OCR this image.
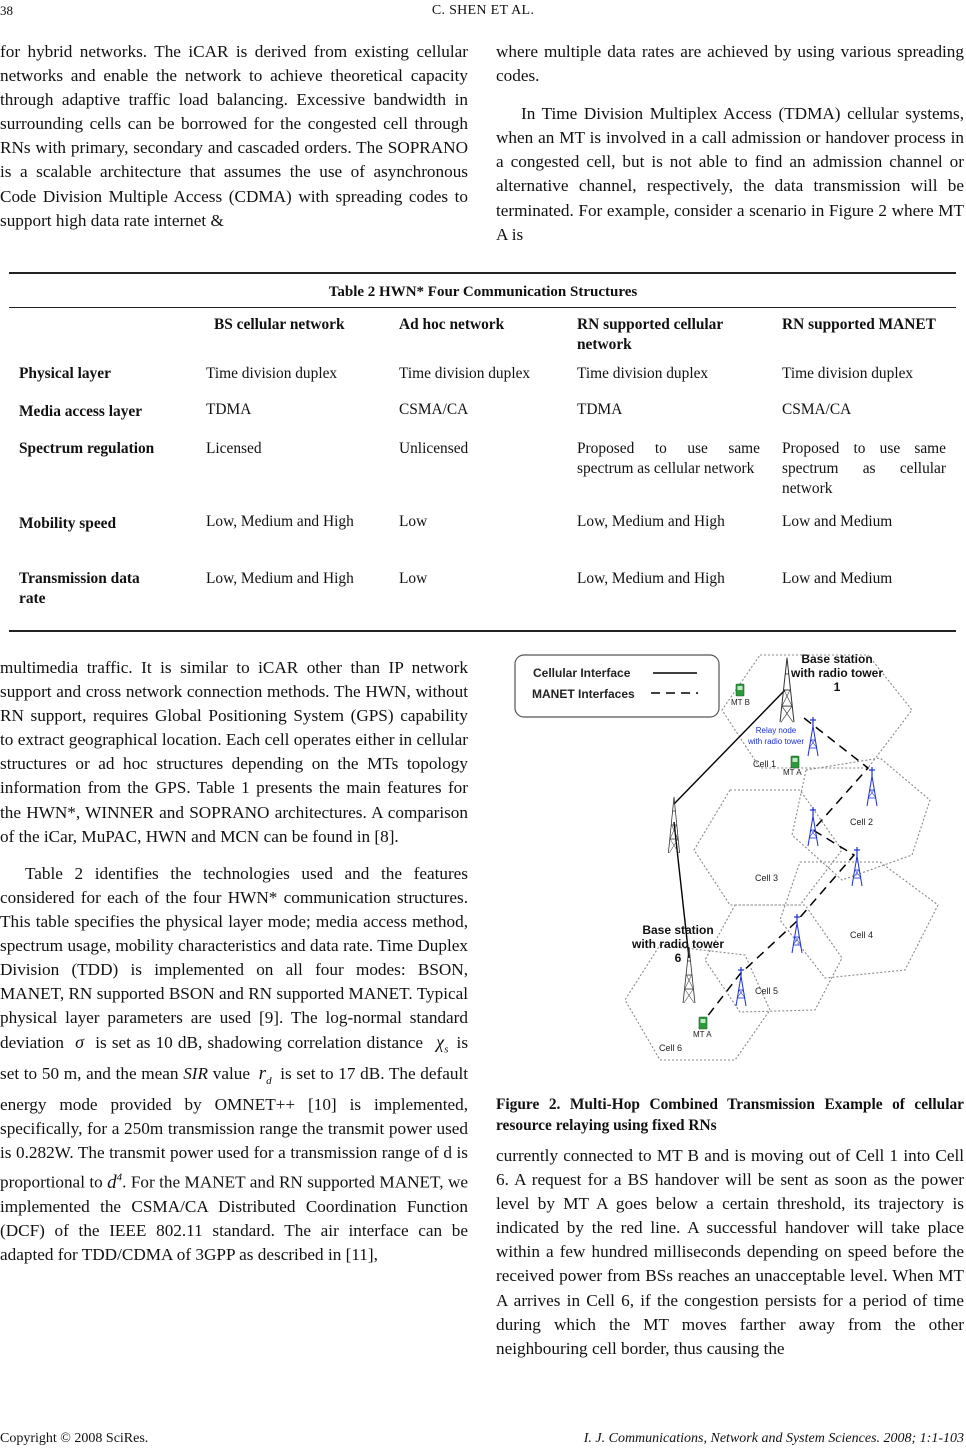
38	C. SHEN ET AL.

for hybrid networks. The iCAR is derived from existing cellular networks and enable the network to achieve theoretical capacity through adaptive traffic load balancing. Excessive bandwidth in surrounding cells can be borrowed for the congested cell through RNs with primary, secondary and cascaded orders. The SOPRANO is a scalable architecture that assumes the use of asynchronous Code Division Multiple Access (CDMA) with spreading codes to support high data rate internet &

where multiple data rates are achieved by using various spreading codes.

In Time Division Multiplex Access (TDMA) cellular systems, when an MT is involved in a call admission or handover process in a congested cell, but is not able to find an admission channel or alternative channel, respectively, the data transmission will be terminated. For example, consider a scenario in Figure 2 where MT A is

Table 2 HWN* Four Communication Structures
	BS cellular network	Ad hoc network	RN supported cellular network	RN supported MANET
Physical layer	Time division duplex	Time division duplex	Time division duplex	Time division duplex
Media access layer	TDMA	CSMA/CA	TDMA	CSMA/CA
Spectrum regulation	Licensed	Unlicensed	Proposed to use same spectrum as cellular network	Proposed to use same spectrum as cellular network
Mobility speed	Low, Medium and High	Low	Low, Medium and High	Low and Medium
Transmission data rate	Low, Medium and High	Low	Low, Medium and High	Low and Medium

multimedia traffic. It is similar to iCAR other than IP network support and cross network connection methods. The HWN, without RN support, requires Global Positioning System (GPS) capability to extract geographical location. Each cell operates either in cellular structures or ad hoc structures depending on the MTs topology information from the GPS. Table 1 presents the main features for the HWN*, WINNER and SOPRANO architectures. A comparison of the iCar, MuPAC, HWN and MCN can be found in [8].

Table 2 identifies the technologies used and the features considered for each of the four HWN* communication structures. This table specifies the physical layer mode; media access method, spectrum usage, mobility characteristics and data rate. Time Duplex Division (TDD) is implemented on all four modes: BSON, MANET, RN supported BSON and RN supported MANET. Typical physical layer parameters are used [9]. The log-normal standard deviation σ is set as 10 dB, shadowing correlation distance $\chi_s$ is set to 50 m, and the mean SIR value $r_d$ is set to 17 dB. The default energy mode provided by OMNET++ [10] is implemented, specifically, for a 250m transmission range the transmit power used is 0.282W. The transmit power used for a transmission range of d is proportional to $d^4$. For the MANET and RN supported MANET, we implemented the CSMA/CA Distributed Coordination Function (DCF) of the IEEE 802.11 standard. The air interface can be adapted for TDD/CDMA of 3GPP as described in [11],

Cellular Interface
MANET Interfaces
Base station
with radio tower
1
Base station
with radio tower
6
Relay node
with radio tower
MT B
MT A
MT A
Cell 1
Cell 2
Cell 3
Cell 4
Cell 5
Cell 6
Figure 2. Multi-Hop Combined Transmission Example of cellular resource relaying using fixed RNs

currently connected to MT B and is moving out of Cell 1 into Cell 6. A request for a BS handover will be sent as soon as the power level by MT A goes below a certain threshold, its trajectory is indicated by the red line. A successful handover will take place within a few hundred milliseconds depending on speed before the received power from BSs reaches an unacceptable level. When MT A arrives in Cell 6, if the congestion persists for a period of time during which the MT moves farther away from the other neighbouring cell border, thus causing the

Copyright © 2008 SciRes.	I. J. Communications, Network and System Sciences. 2008; 1:1-103
